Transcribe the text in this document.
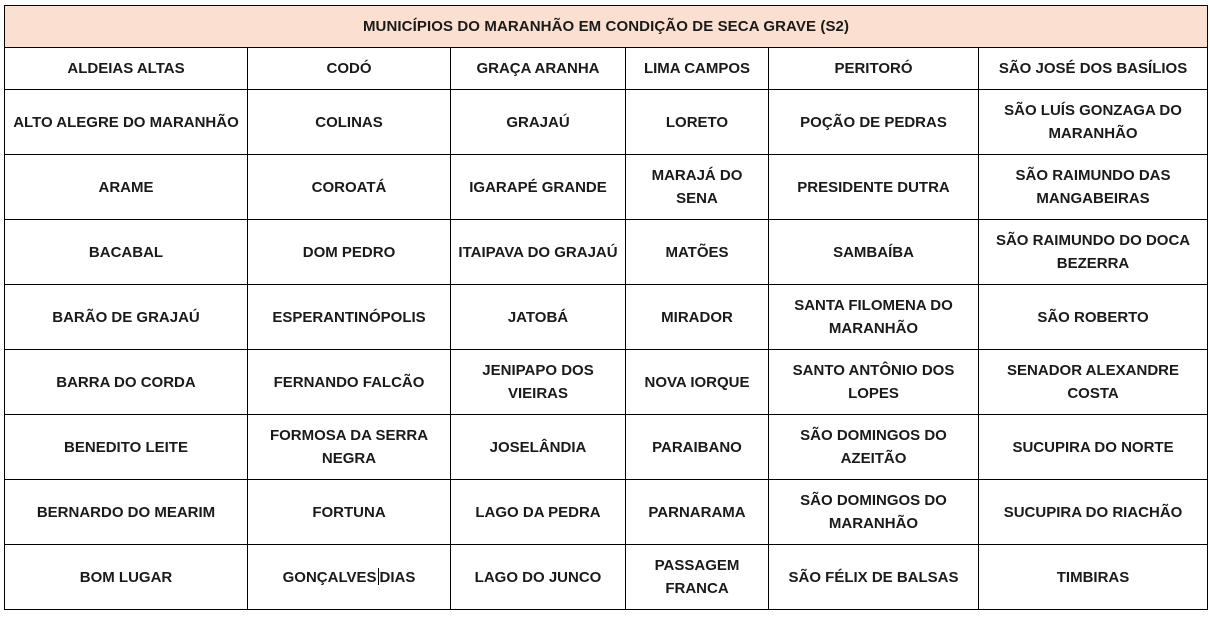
MUNICÍPIOS DO MARANHÃO EM CONDIÇÃO DE SECA GRAVE (S2)					
ALDEIAS ALTAS	CODÓ	GRAÇA ARANHA	LIMA CAMPOS	PERITORÓ	SÃO JOSÉ DOS BASÍLIOS
ALTO ALEGRE DO MARANHÃO	COLINAS	GRAJAÚ	LORETO	POÇÃO DE PEDRAS	SÃO LUÍS GONZAGA DO MARANHÃO
ARAME	COROATÁ	IGARAPÉ GRANDE	MARAJÁ DO SENA	PRESIDENTE DUTRA	SÃO RAIMUNDO DAS MANGABEIRAS
BACABAL	DOM PEDRO	ITAIPAVA DO GRAJAÚ	MATÕES	SAMBAÍBA	SÃO RAIMUNDO DO DOCA BEZERRA
BARÃO DE GRAJAÚ	ESPERANTINÓPOLIS	JATOBÁ	MIRADOR	SANTA FILOMENA DO MARANHÃO	SÃO ROBERTO
BARRA DO CORDA	FERNANDO FALCÃO	JENIPAPO DOS VIEIRAS	NOVA IORQUE	SANTO ANTÔNIO DOS LOPES	SENADOR ALEXANDRE COSTA
BENEDITO LEITE	FORMOSA DA SERRA NEGRA	JOSELÂNDIA	PARAIBANO	SÃO DOMINGOS DO AZEITÃO	SUCUPIRA DO NORTE
BERNARDO DO MEARIM	FORTUNA	LAGO DA PEDRA	PARNARAMA	SÃO DOMINGOS DO MARANHÃO	SUCUPIRA DO RIACHÃO
BOM LUGAR	GONÇALVES DIAS	LAGO DO JUNCO	PASSAGEM FRANCA	SÃO FÉLIX DE BALSAS	TIMBIRAS
